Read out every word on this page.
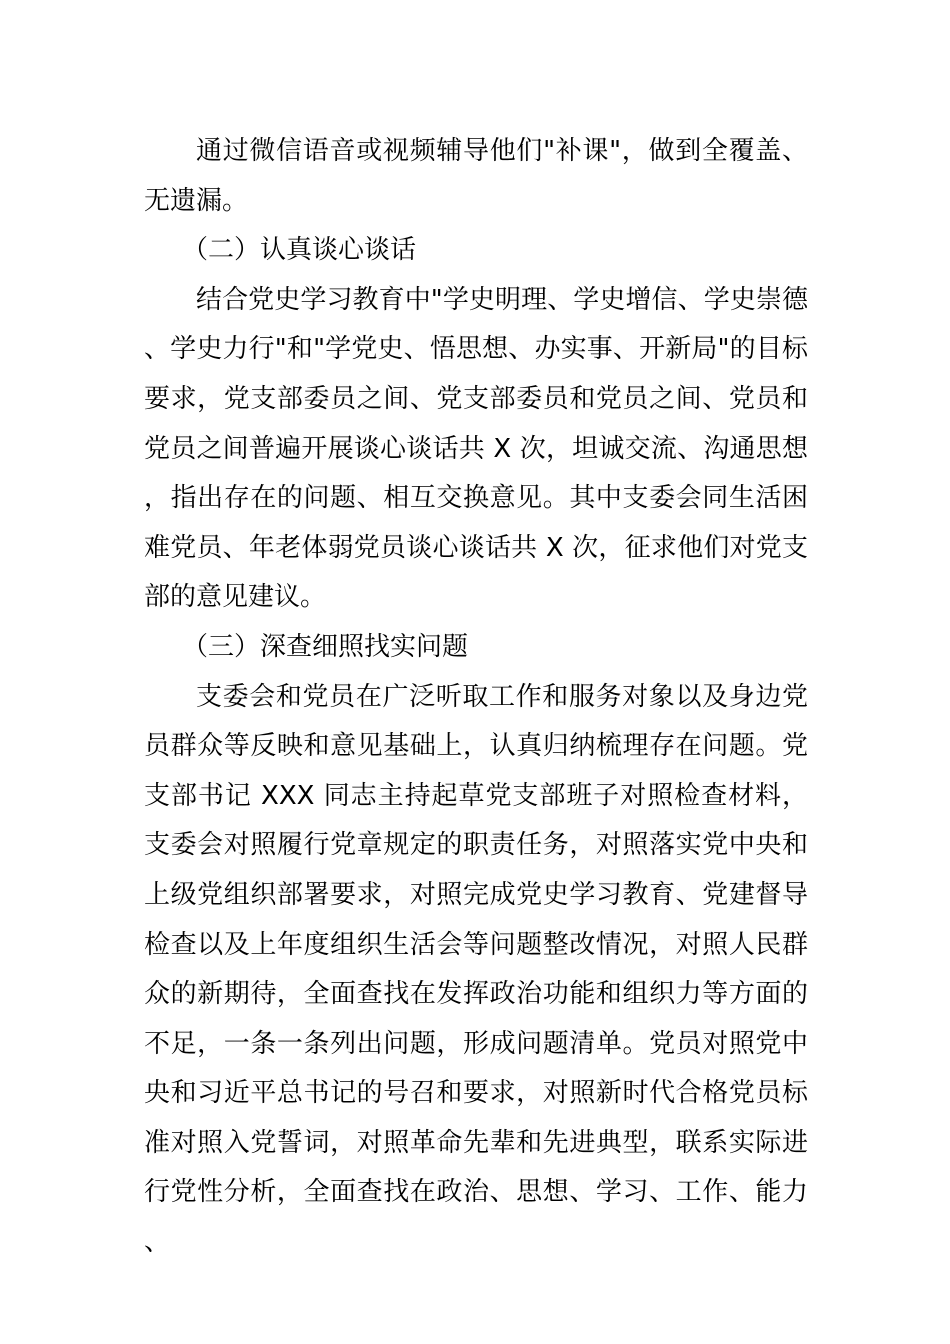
通过微信语音或视频辅导他们"补课"，做到全覆盖、无遗漏。

（二）认真谈心谈话

结合党史学习教育中"学史明理、学史增信、学史崇德、学史力行"和"学党史、悟思想、办实事、开新局"的目标要求，党支部委员之间、党支部委员和党员之间、党员和党员之间普遍开展谈心谈话共 X 次，坦诚交流、沟通思想，指出存在的问题、相互交换意见。其中支委会同生活困难党员、年老体弱党员谈心谈话共 X 次，征求他们对党支部的意见建议。

（三）深查细照找实问题

支委会和党员在广泛听取工作和服务对象以及身边党员群众等反映和意见基础上，认真归纳梳理存在问题。党支部书记 XXX 同志主持起草党支部班子对照检查材料，支委会对照履行党章规定的职责任务，对照落实党中央和上级党组织部署要求，对照完成党史学习教育、党建督导检查以及上年度组织生活会等问题整改情况，对照人民群众的新期待，全面查找在发挥政治功能和组织力等方面的不足，一条一条列出问题，形成问题清单。党员对照党中央和习近平总书记的号召和要求，对照新时代合格党员标准对照入党誓词，对照革命先辈和先进典型，联系实际进行党性分析，全面查找在政治、思想、学习、工作、能力、
